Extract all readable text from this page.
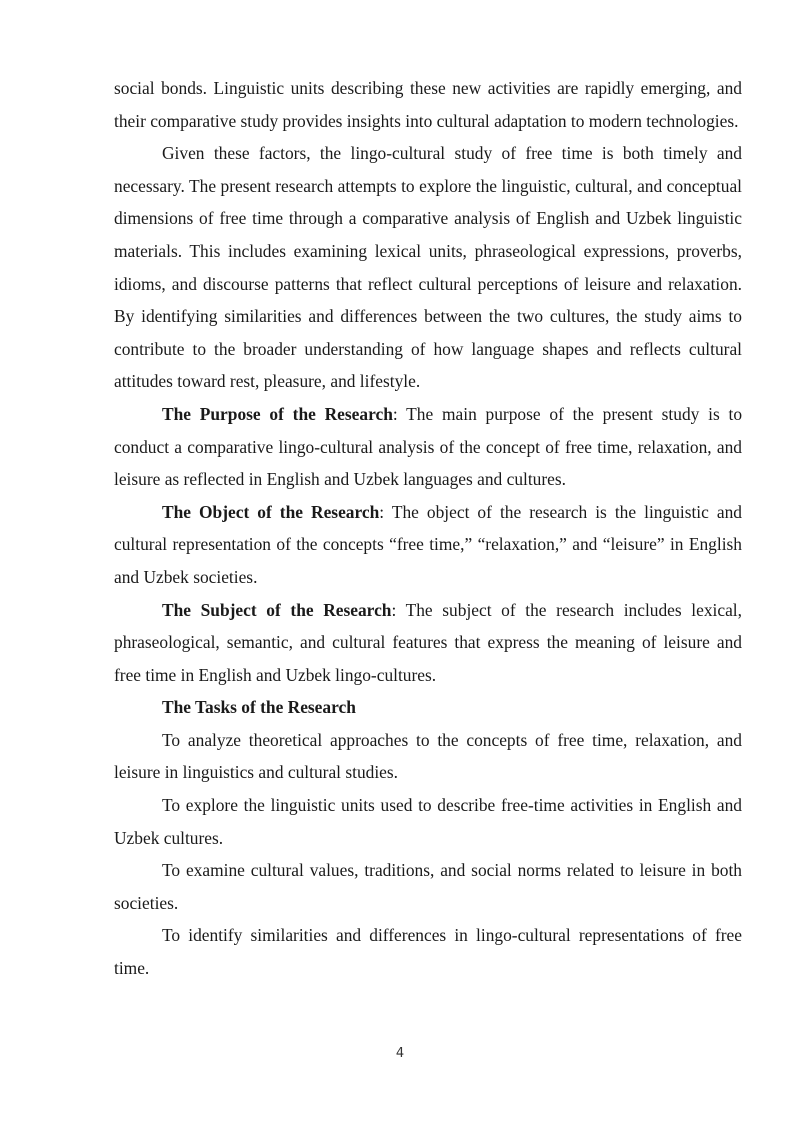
social bonds. Linguistic units describing these new activities are rapidly emerging, and their comparative study provides insights into cultural adaptation to modern technologies.

Given these factors, the lingo-cultural study of free time is both timely and necessary. The present research attempts to explore the linguistic, cultural, and conceptual dimensions of free time through a comparative analysis of English and Uzbek linguistic materials. This includes examining lexical units, phraseological expressions, proverbs, idioms, and discourse patterns that reflect cultural perceptions of leisure and relaxation. By identifying similarities and differences between the two cultures, the study aims to contribute to the broader understanding of how language shapes and reflects cultural attitudes toward rest, pleasure, and lifestyle.

The Purpose of the Research: The main purpose of the present study is to conduct a comparative lingo-cultural analysis of the concept of free time, relaxation, and leisure as reflected in English and Uzbek languages and cultures.

The Object of the Research: The object of the research is the linguistic and cultural representation of the concepts “free time,” “relaxation,” and “leisure” in English and Uzbek societies.

The Subject of the Research: The subject of the research includes lexical, phraseological, semantic, and cultural features that express the meaning of leisure and free time in English and Uzbek lingo-cultures.

The Tasks of the Research

To analyze theoretical approaches to the concepts of free time, relaxation, and leisure in linguistics and cultural studies.

To explore the linguistic units used to describe free-time activities in English and Uzbek cultures.

To examine cultural values, traditions, and social norms related to leisure in both societies.

To identify similarities and differences in lingo-cultural representations of free time.

4
